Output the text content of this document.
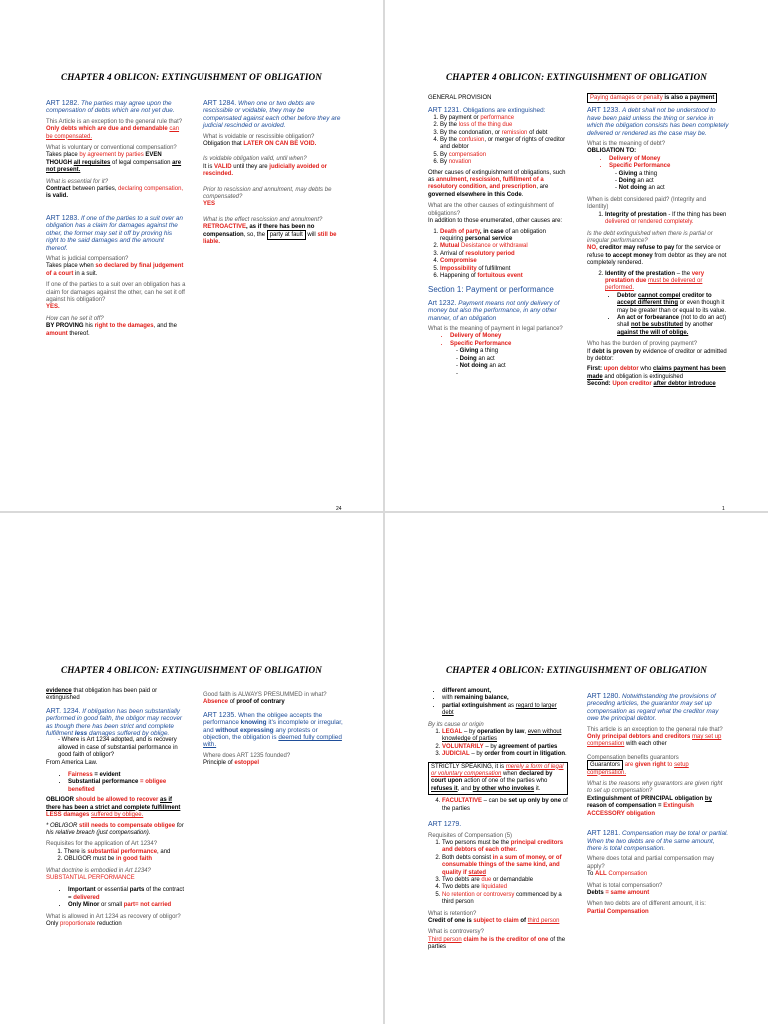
CHAPTER 4 OBLICON: EXTINGUISHMENT OF OBLIGATION
ART 1282. The parties may agree upon the compensation of debts which are not yet due.
This Article is an exception to the general rule that?
Only debts which are due and demandable can be compensated.
What is voluntary or conventional compensation?
Takes place by agreement by parties EVEN THOUGH all requisites of legal compensation are not present.
What is essential for it?
Contract between parties, declaring compensation, is valid.
ART 1283. If one of the parties to a suit over an obligation has a claim for damages against the other, the former may set it off by proving his right to the said damages and the amount thereof.
What is judicial compensation?
Takes place when so declared by final judgement of a court in a suit.
If one of the parties to a suit over an obligation has a claim for damages against the other, can he set it off against his obligation?
YES.
How can he set it off?
BY PROVING his right to the damages, and the amount thereof.
ART 1284. When one or two debts are rescissible or voidable, they may be compensated against each other before they are judicial rescinded or avoided.
What is voidable or rescissible obligation?
Obligation that LATER ON CAN BE VOID.
Is voidable obligation valid, until when?
It is VALID until they are judicially avoided or rescinded.
Prior to rescission and annulment, may debts be compensated?
YES
What is the effect rescission and annulment?
RETROACTIVE, as if there has been no compensation, so, the party at fault will still be liable.
24
CHAPTER 4 OBLICON: EXTINGUISHMENT OF OBLIGATION
GENERAL PROVISION
ART 1231. Obligations are extinguished:
1. By payment or performance
2. By the loss of the thing due
3. By the condonation, or remission of debt
4. By the confusion, or merger of rights of creditor and debtor
5. By compensation
6. By novation
Other causes of extinguishment of obligations, such as annulment, rescission, fulfillment of a resolutory condition, and prescription, are governed elsewhere in this Code.
What are the other causes of extinguishment of obligations?
In addition to those enumerated, other causes are:
1. Death of party, in case of an obligation requiring personal service
2. Mutual Desistance or withdrawal
3. Arrival of resolutory period
4. Compromise
5. Impossibility of fulfillment
6. Happening of fortuitous event
Section 1: Payment or performance
Art 1232. Payment means not only delivery of money but also the performance, in any other manner, of an obligation
What is the meaning of payment in legal parlance?
• Delivery of Money
• Specific Performance
- Giving a thing
- Doing an act
- Not doing an act
-
Paying damages or penalty is also a payment
ART 1233. A debt shall not be understood to have been paid unless the thing or service in which the obligation consists has been completely delivered or rendered as the case may be.
What is the meaning of debt?
OBLIGATION TO:
• Delivery of Money
• Specific Performance
- Giving a thing
- Doing an act
- Not doing an act
When is debt considered paid? (Integrity and Identity)
1. Integrity of prestation - If the thing has been delivered or rendered completely.
Is the debt extinguished when there is partial or irregular performance?
NO, creditor may refuse to pay for the service or refuse to accept money from debtor as they are not completely rendered.
2. Identity of the prestation – the very prestation due must be delivered or performed.
• Debtor cannot compel creditor to accept different thing or even though it may be greater than or equal to its value.
• An act or forbearance (not to do an act) shall not be substituted by another against the will of oblige.
Who has the burden of proving payment?
If debt is proven by evidence of creditor or admitted by debtor:
First: upon debtor who claims payment has been made and obligation is extinguished
Second: Upon creditor after debtor introduce
1
CHAPTER 4 OBLICON: EXTINGUISHMENT OF OBLIGATION
evidence that obligation has been paid or extinguished
ART. 1234. If obligation has been substantially performed in good faith, the obligor may recover as though there has been strict and complete fulfillment less damages suffered by oblige.
- Where is Art 1234 adopted, and is recovery allowed in case of substantial performance in good faith of obligor?
From America Law.
• Fairness = evident
• Substantial performance = obligee benefited
OBLIGOR should be allowed to recover as if there has been a strict and complete fulfillment LESS damages suffered by obligee.
* OBLIGOR still needs to compensate obligee for his relative breach (just compensation).
Requisites for the application of Art 1234?
1. There is substantial performance, and
2. OBLIGOR must be in good faith
What doctrine is embodied in Art 1234?
SUBSTANTIAL PERFORMANCE
• Important or essential parts of the contract = delivered
• Only Minor or small part= not carried
What is allowed in Art 1234 as recovery of obligor?
Only proportionate reduction
Good faith is ALWAYS PRESUMMED in what?
Absence of proof of contrary
ART 1235. When the obligee accepts the performance knowing it's incomplete or irregular, and without expressing any protests or objection, the obligation is deemed fully complied with.
Where does ART 1235 founded?
Principle of estoppel
CHAPTER 4 OBLICON: EXTINGUISHMENT OF OBLIGATION
• different amount,
• with remaining balance,
• partial extinguishment as regard to larger debt
By its cause or origin
1. LEGAL – by operation by law, even without knowledge of parties
2. VOLUNTARILY – by agreement of parties
3. JUDICIAL – by order from court in litigation.
STRICTLY SPEAKING, it is merely a form of legal or voluntary compensation when declared by court upon action of one of the parties who refuses it, and by other who invokes it.
4. FACULTATIVE – can be set up only by one of the parties
ART 1279.
Requisites of Compensation (5)
1. Two persons must be the principal creditors and debtors of each other.
2. Both debts consist in a sum of money, or of consumable things of the same kind, and quality if stated
3. Two debts are due or demandable
4. Two debts are liquidated
5. No retention or controversy commenced by a third person
What is retention?
Credit of one is subject to claim of third person
What is controversy?
Third person claim he is the creditor of one of the parties
ART 1280. Notwithstanding the provisions of preceding articles, the guarantor may set up compensation as regard what the creditor may owe the principal debtor.
This article is an exception to the general rule that?
Only principal debtors and creditors may set up compensation with each other
Compensation benefits guarantors
Guarantors are given right to setup compensation.
What is the reasons why guarantors are given right to set up compensation?
Extinguishment of PRINCIPAL obligation by reason of compensation = Extinguish ACCESSORY obligation
ART 1281. Compensation may be total or partial. When the two debts are of the same amount, there is total compensation.
Where does total and partial compensation may apply?
To ALL Compensation
What is total compensation?
Debts = same amount
When two debts are of different amount, it is:
Partial Compensation
